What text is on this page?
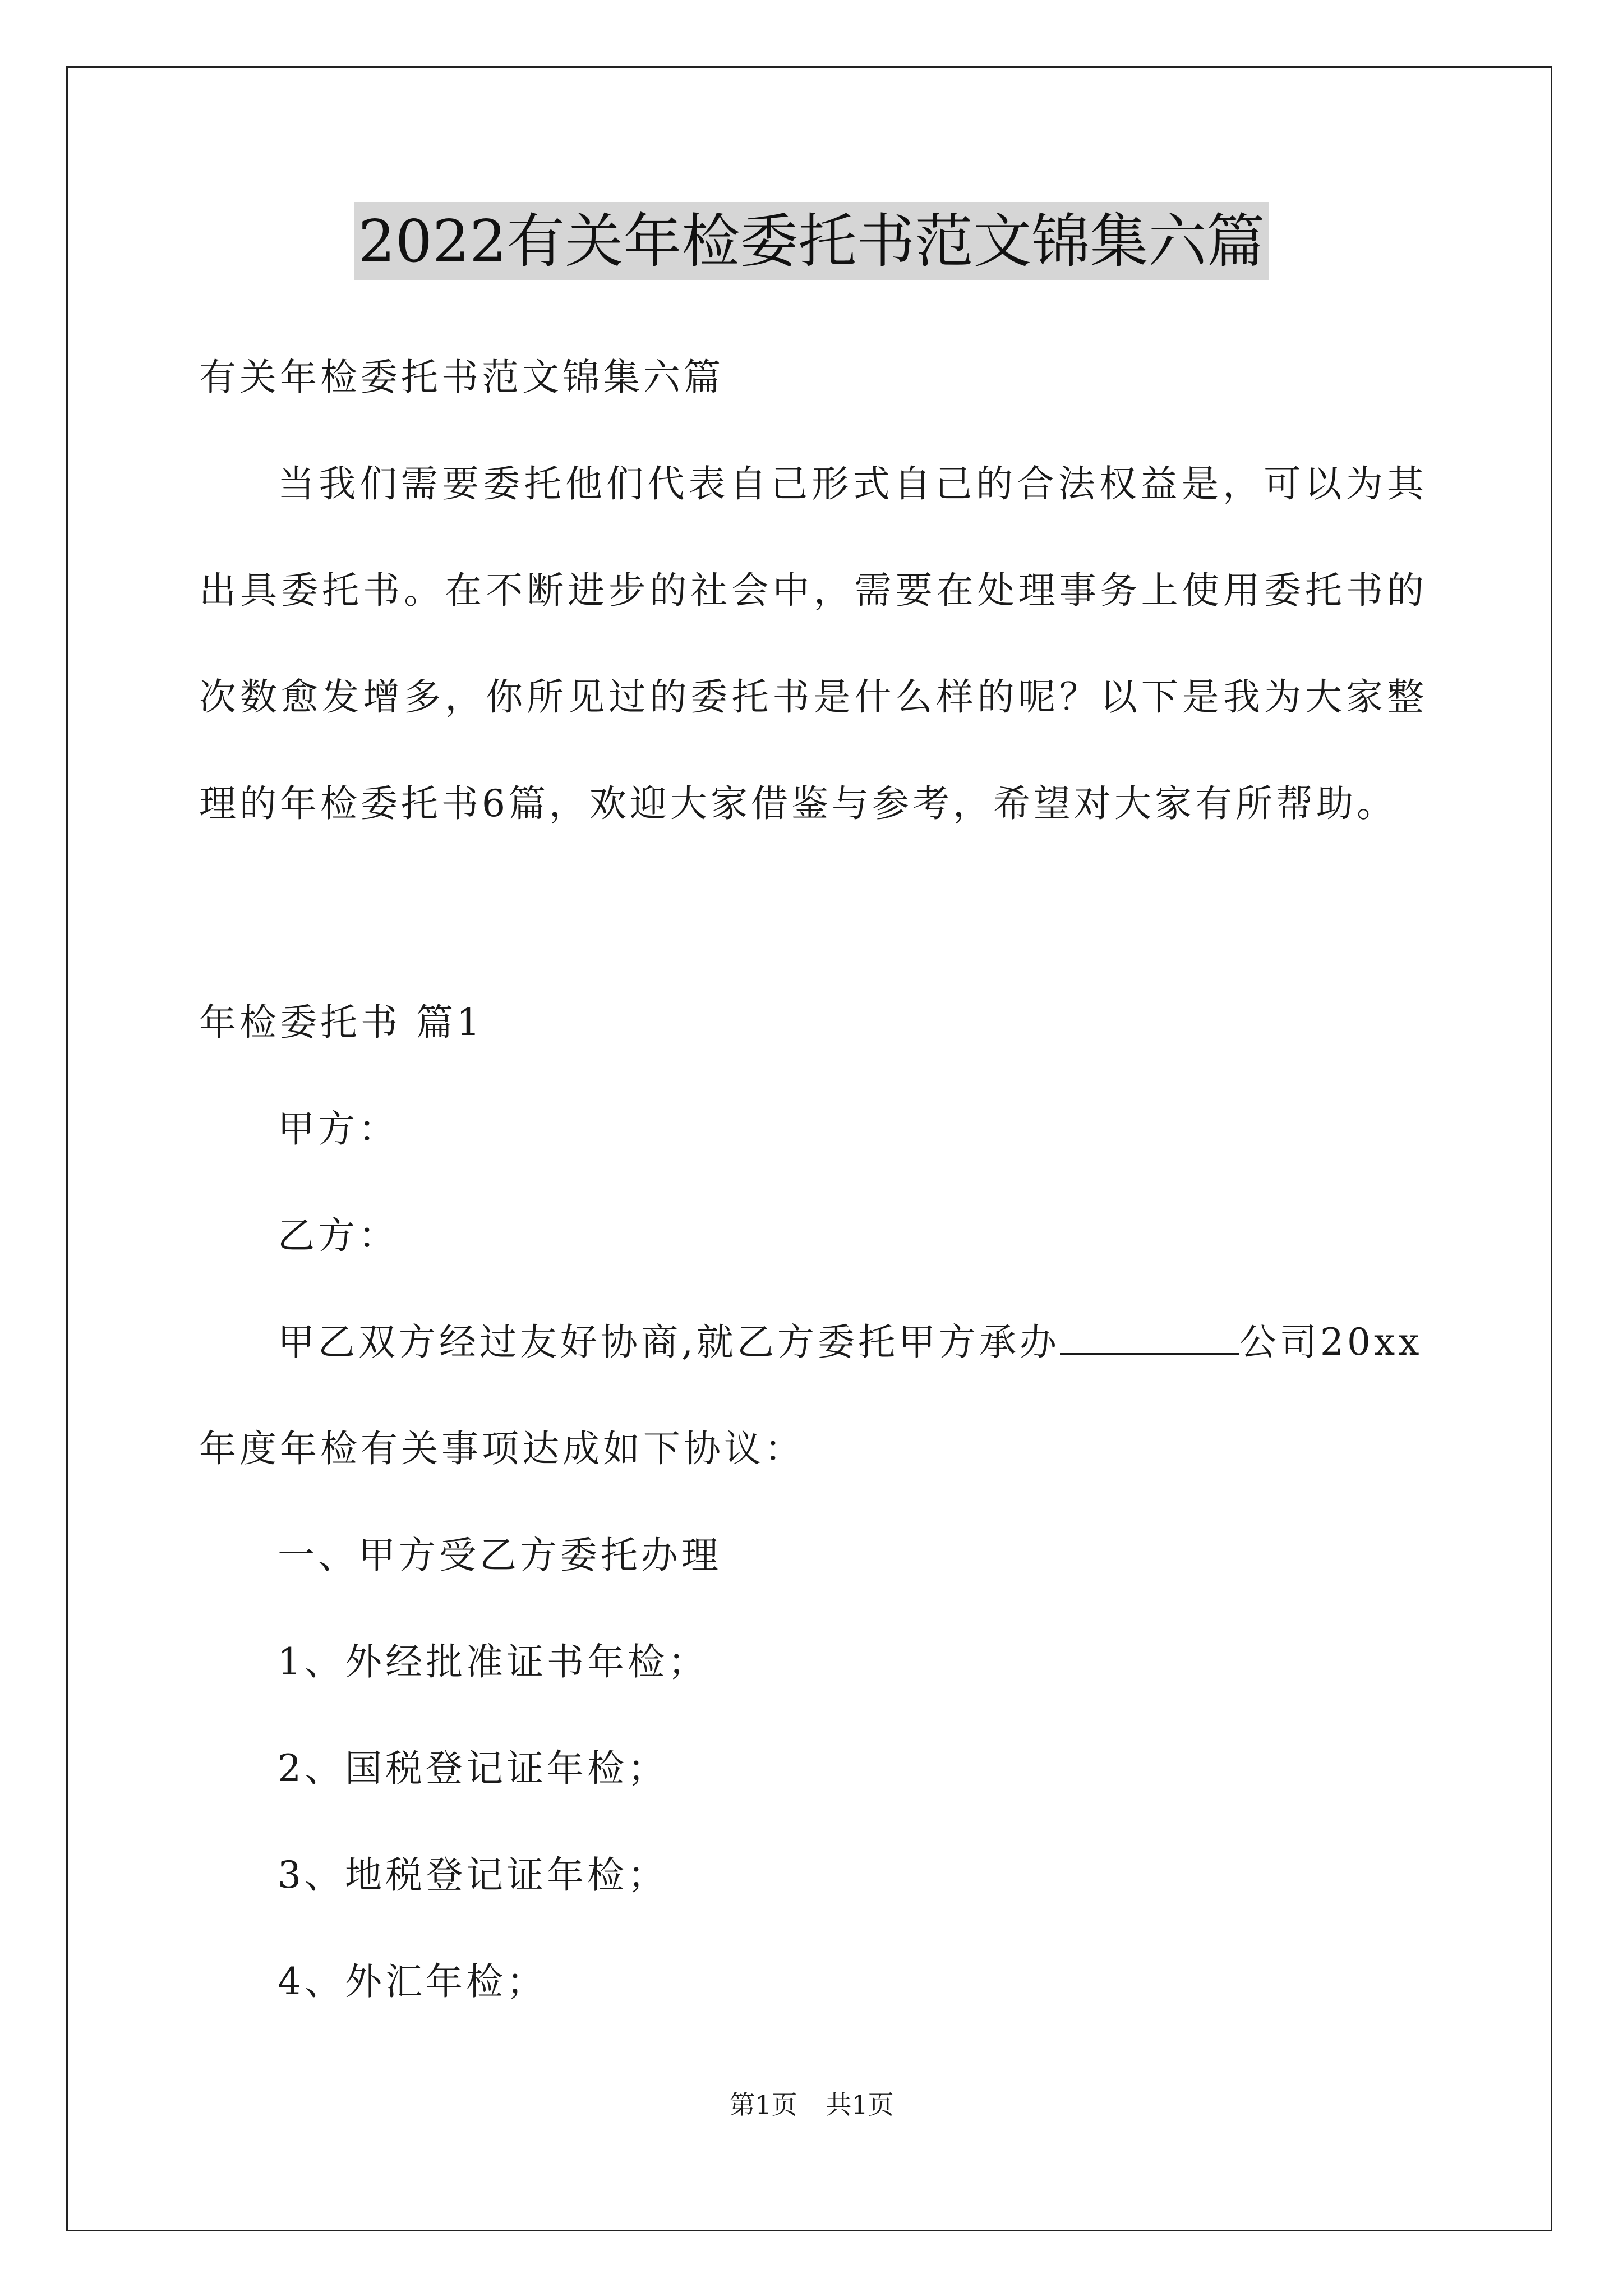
2022有关年检委托书范文锦集六篇
有关年检委托书范文锦集六篇
当我们需要委托他们代表自己形式自己的合法权益是，可以为其
出具委托书。在不断进步的社会中，需要在处理事务上使用委托书的
次数愈发增多，你所见过的委托书是什么样的呢？以下是我为大家整
理的年检委托书6篇，欢迎大家借鉴与参考，希望对大家有所帮助。
年检委托书 篇1
甲方：
乙方：
甲乙双方经过友好协商,就乙方委托甲方承办	公司20xx
年度年检有关事项达成如下协议：
一、甲方受乙方委托办理
1、外经批准证书年检；
2、国税登记证年检；
3、地税登记证年检；
4、外汇年检；
第1页 共1页
